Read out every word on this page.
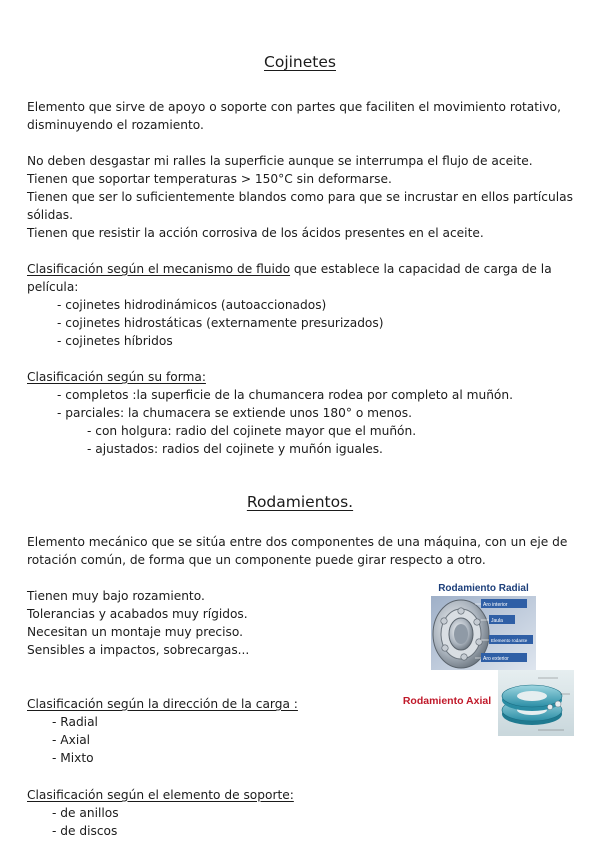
Cojinetes
Elemento que sirve de apoyo o soporte con partes que faciliten el movimiento rotativo,
disminuyendo el rozamiento.
No deben desgastar mi ralles la superficie aunque se interrumpa el flujo de aceite.
Tienen que soportar temperaturas > 150°C sin deformarse.
Tienen que ser lo suficientemente blandos como para que se incrustar en ellos partículas
sólidas.
Tienen que resistir la acción corrosiva de los ácidos presentes en el aceite.
Clasificación según el mecanismo de fluido que establece la capacidad de carga de la
película:
- cojinetes hidrodinámicos (autoaccionados)
- cojinetes hidrostáticas (externamente presurizados)
- cojinetes híbridos
Clasificación según su forma:
- completos :la superficie de la chumancera rodea por completo al muñón.
- parciales: la chumacera se extiende unos 180° o menos.
- con holgura: radio del cojinete mayor que el muñón.
- ajustados: radios del cojinete y muñón iguales.
Rodamientos.
Elemento mecánico que se sitúa entre dos componentes de una máquina, con un eje de
rotación común, de forma que un componente puede girar respecto a otro.
Tienen muy bajo rozamiento.
Tolerancias y acabados muy rígidos.
Necesitan un montaje muy preciso.
Sensibles a impactos, sobrecargas...
Clasificación según la dirección de la carga :
- Radial
- Axial
- Mixto
Clasificación según el elemento de soporte:
- de anillos
- de discos
Rodamiento Radial
Aro interior
Jaula
Elemento rodante
Aro exterior
Rodamiento Axial
